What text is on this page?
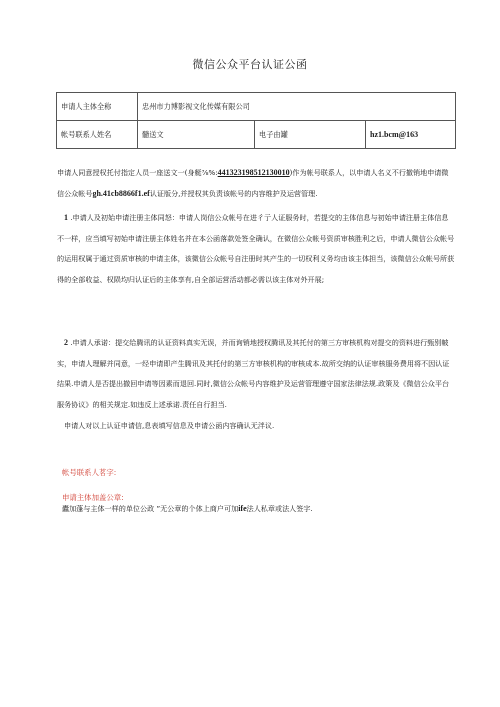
微信公众平台认证公函
申请人主体全称	忠州市力博影视文化传媒有限公司		
帐号联系人姓名	髓送文	电子由罐	hz1.bcm@163

申请人同意授权托付指定人员一座送文一(身艇⅞%:441323198512130010)作为帐号联系人，以申请人名义不行撤销地申请微信公众帐号gh.41cb8866f1.ef认证版分,并授权其负责该帐号的内容维护及运营管理.

1 .申请人及初始申请注册主体同怒：申请人岗信公众帐号在进彳亍人证服务时，若提交的主体信息与初始申请注册主体信息不一样，应当填写初始申请注册主体姓名并在本公函落款处签全确认，在微信公众帐号资质审核胜利之后，申请人微信公众帐号的运用权属于通过资质审核的申请主体，该微信公众帐号自注册时其产生的一切权利义务均由该主体担当，该微信公众帐号所获得的全部收益、权陨均归认证后的主体享有,自全部运营活动都必需以该主体对外开展;

2 .申请人承诺：提交给腾讯的认证资料真实无误，并而询销地授权腾讯及其托付的第三方审核机构对提交的资料进行甄别帔实，申请人理解并同意，一经申请即产生腾讯及其托付的第三方审核机构的审核成本.故所交纳的认证审核服务费用将不因认证结果.申请人是否提出撤回申请等因素而退回.同时,微信公众帐号内容维护及运营管理遵守国家法律法规.政策及《微信公众平台服务协议》的相关规定.如违反上述承诺.责任自行担当.

申请人对以上认证申请信,息表填写信息及申请公函内容确认无泮议.

帐号联系人茗字:
申请主体加盖公章:
蠹加蓬与主体一样的单位公政 ”无公章的个体上商户可加ife法人私章或法人签字.
